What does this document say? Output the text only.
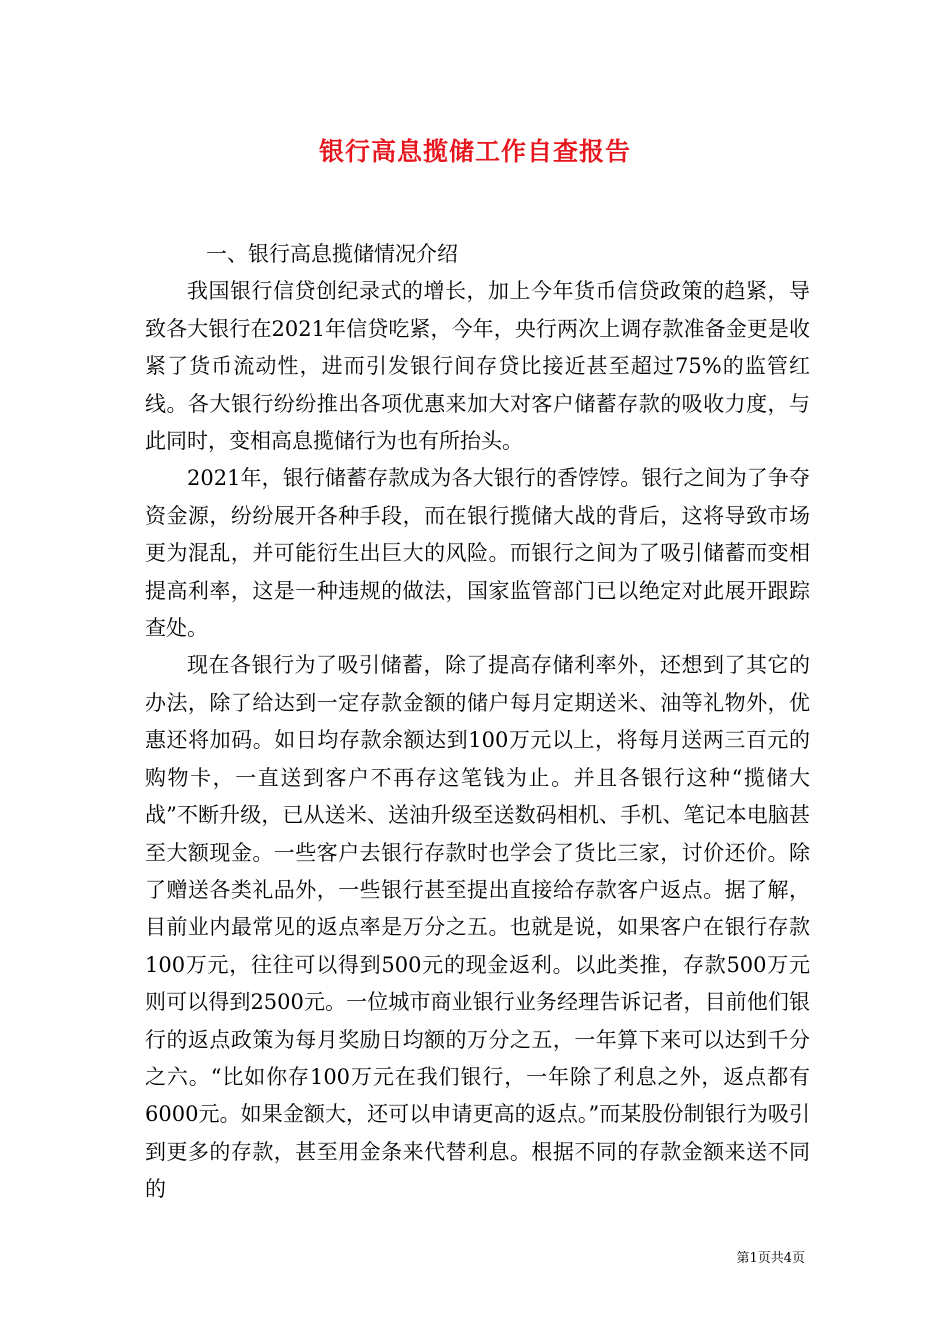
银行高息揽储工作自查报告

一、银行高息揽储情况介绍

我国银行信贷创纪录式的增长，加上今年货币信贷政策的趋紧，导致各大银行在2021年信贷吃紧，今年，央行两次上调存款准备金更是收紧了货币流动性，进而引发银行间存贷比接近甚至超过75%的监管红线。各大银行纷纷推出各项优惠来加大对客户储蓄存款的吸收力度，与此同时，变相高息揽储行为也有所抬头。

2021年，银行储蓄存款成为各大银行的香饽饽。银行之间为了争夺资金源，纷纷展开各种手段，而在银行揽储大战的背后，这将导致市场更为混乱，并可能衍生出巨大的风险。而银行之间为了吸引储蓄而变相提高利率，这是一种违规的做法，国家监管部门已以绝定对此展开跟踪查处。

现在各银行为了吸引储蓄，除了提高存储利率外，还想到了其它的办法，除了给达到一定存款金额的储户每月定期送米、油等礼物外，优惠还将加码。如日均存款余额达到100万元以上，将每月送两三百元的购物卡，一直送到客户不再存这笔钱为止。并且各银行这种“揽储大战”不断升级，已从送米、送油升级至送数码相机、手机、笔记本电脑甚至大额现金。一些客户去银行存款时也学会了货比三家，讨价还价。除了赠送各类礼品外，一些银行甚至提出直接给存款客户返点。据了解，目前业内最常见的返点率是万分之五。也就是说，如果客户在银行存款100万元，往往可以得到500元的现金返利。以此类推，存款500万元则可以得到2500元。一位城市商业银行业务经理告诉记者，目前他们银行的返点政策为每月奖励日均额的万分之五，一年算下来可以达到千分之六。“比如你存100万元在我们银行，一年除了利息之外，返点都有6000元。如果金额大，还可以申请更高的返点。”而某股份制银行为吸引到更多的存款，甚至用金条来代替利息。根据不同的存款金额来送不同的

第1页共4页
